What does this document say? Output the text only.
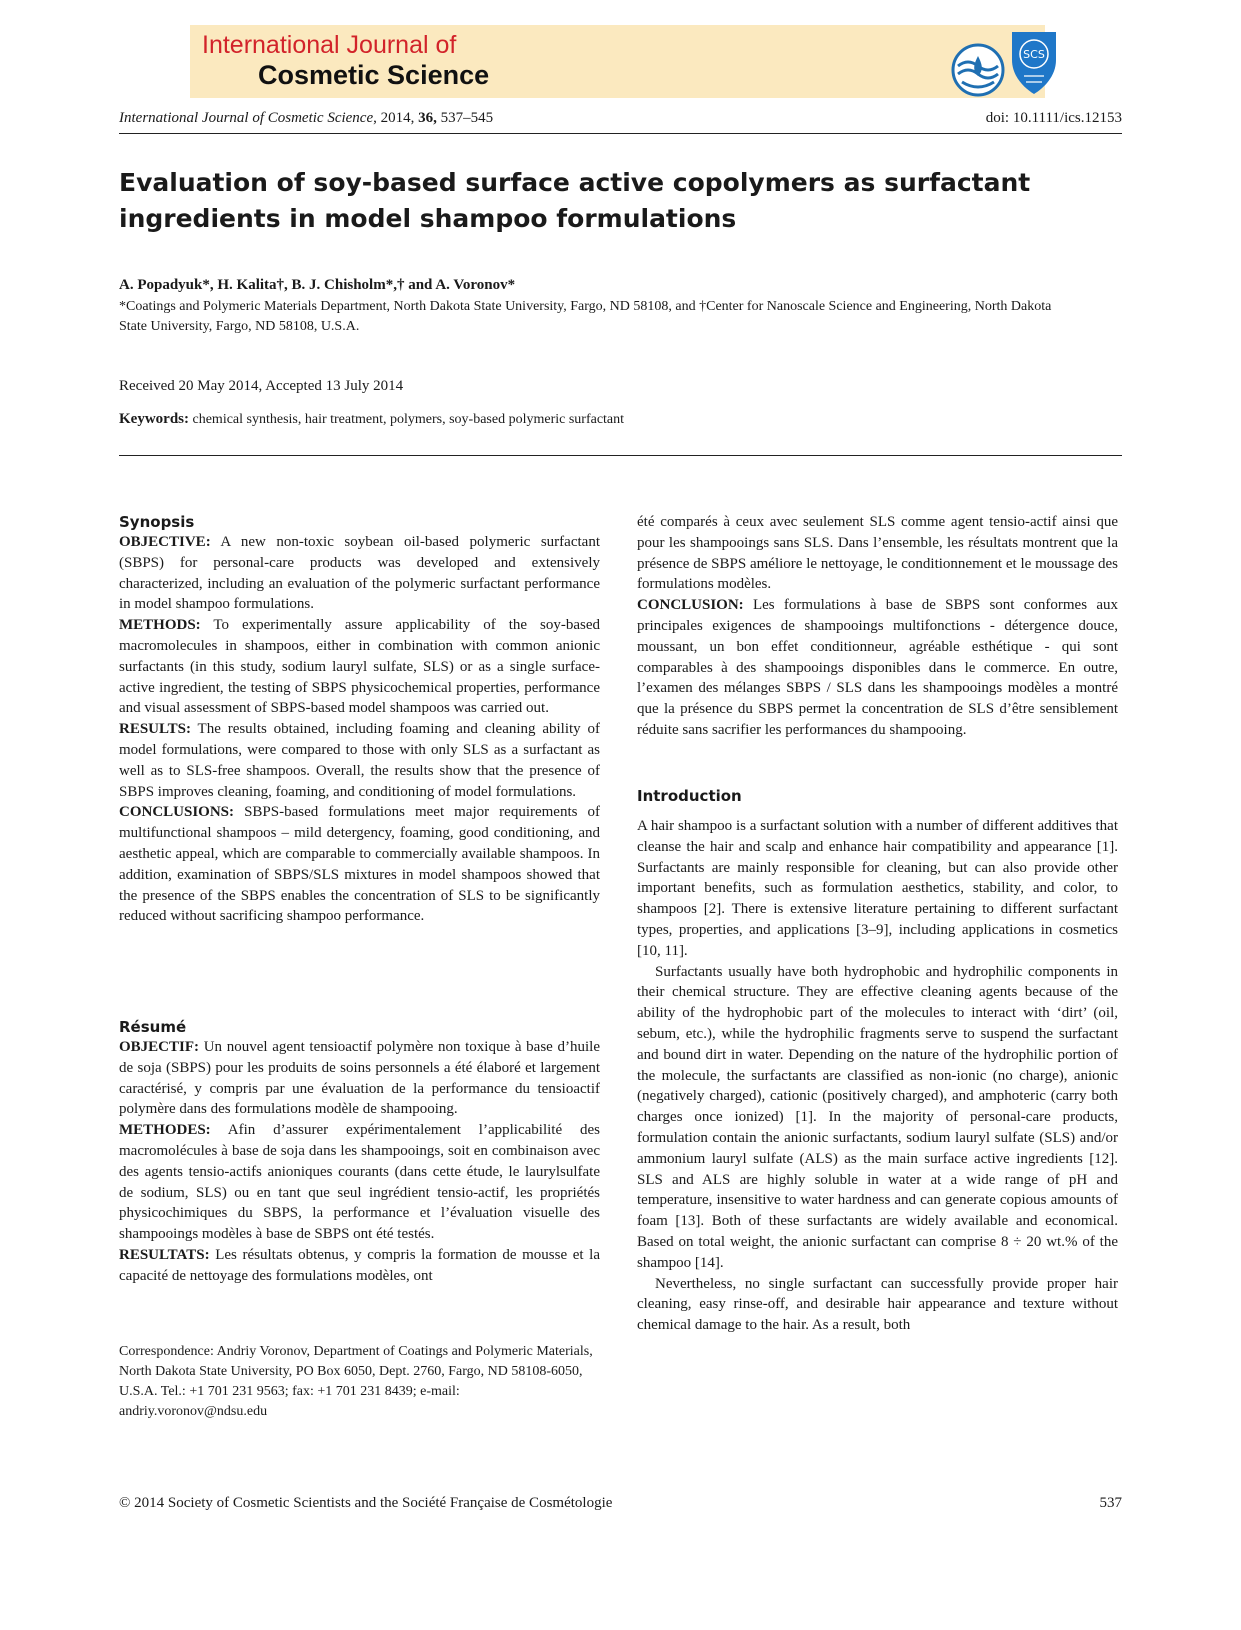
International Journal of
Cosmetic Science
SCS
International Journal of Cosmetic Science, 2014, 36, 537–545	doi: 10.1111/ics.12153
Evaluation of soy-based surface active copolymers as surfactant ingredients in model shampoo formulations

A. Popadyuk*, H. Kalita†, B. J. Chisholm*,† and A. Voronov*

*Coatings and Polymeric Materials Department, North Dakota State University, Fargo, ND 58108, and †Center for Nanoscale Science and Engineering, North Dakota State University, Fargo, ND 58108, U.S.A.

Received 20 May 2014, Accepted 13 July 2014
Keywords: chemical synthesis, hair treatment, polymers, soy-based polymeric surfactant
Synopsis

OBJECTIVE: A new non-toxic soybean oil-based polymeric surfactant (SBPS) for personal-care products was developed and extensively characterized, including an evaluation of the polymeric surfactant performance in model shampoo formulations.

METHODS: To experimentally assure applicability of the soy-based macromolecules in shampoos, either in combination with common anionic surfactants (in this study, sodium lauryl sulfate, SLS) or as a single surface-active ingredient, the testing of SBPS physicochemical properties, performance and visual assessment of SBPS-based model shampoos was carried out.

RESULTS: The results obtained, including foaming and cleaning ability of model formulations, were compared to those with only SLS as a surfactant as well as to SLS-free shampoos. Overall, the results show that the presence of SBPS improves cleaning, foaming, and conditioning of model formulations.

CONCLUSIONS: SBPS-based formulations meet major requirements of multifunctional shampoos – mild detergency, foaming, good conditioning, and aesthetic appeal, which are comparable to commercially available shampoos. In addition, examination of SBPS/SLS mixtures in model shampoos showed that the presence of the SBPS enables the concentration of SLS to be significantly reduced without sacrificing shampoo performance.

Résumé

OBJECTIF: Un nouvel agent tensioactif polymère non toxique à base d’huile de soja (SBPS) pour les produits de soins personnels a été élaboré et largement caractérisé, y compris par une évaluation de la performance du tensioactif polymère dans des formulations modèle de shampooing.

METHODES: Afin d’assurer expérimentalement l’applicabilité des macromolécules à base de soja dans les shampooings, soit en combinaison avec des agents tensio-actifs anioniques courants (dans cette étude, le laurylsulfate de sodium, SLS) ou en tant que seul ingrédient tensio-actif, les propriétés physicochimiques du SBPS, la performance et l’évaluation visuelle des shampooings modèles à base de SBPS ont été testés.

RESULTATS: Les résultats obtenus, y compris la formation de mousse et la capacité de nettoyage des formulations modèles, ont

Correspondence: Andriy Voronov, Department of Coatings and Polymeric Materials, North Dakota State University, PO Box 6050, Dept. 2760, Fargo, ND 58108-6050, U.S.A. Tel.: +1 701 231 9563; fax: +1 701 231 8439; e-mail: andriy.voronov@ndsu.edu

été comparés à ceux avec seulement SLS comme agent tensio-actif ainsi que pour les shampooings sans SLS. Dans l’ensemble, les résultats montrent que la présence de SBPS améliore le nettoyage, le conditionnement et le moussage des formulations modèles.

CONCLUSION: Les formulations à base de SBPS sont conformes aux principales exigences de shampooings multifonctions - détergence douce, moussant, un bon effet conditionneur, agréable esthétique - qui sont comparables à des shampooings disponibles dans le commerce. En outre, l’examen des mélanges SBPS / SLS dans les shampooings modèles a montré que la présence du SBPS permet la concentration de SLS d’être sensiblement réduite sans sacrifier les performances du shampooing.

Introduction

A hair shampoo is a surfactant solution with a number of different additives that cleanse the hair and scalp and enhance hair compatibility and appearance [1]. Surfactants are mainly responsible for cleaning, but can also provide other important benefits, such as formulation aesthetics, stability, and color, to shampoos [2]. There is extensive literature pertaining to different surfactant types, properties, and applications [3–9], including applications in cosmetics [10, 11].

Surfactants usually have both hydrophobic and hydrophilic components in their chemical structure. They are effective cleaning agents because of the ability of the hydrophobic part of the molecules to interact with ‘dirt’ (oil, sebum, etc.), while the hydrophilic fragments serve to suspend the surfactant and bound dirt in water. Depending on the nature of the hydrophilic portion of the molecule, the surfactants are classified as non-ionic (no charge), anionic (negatively charged), cationic (positively charged), and amphoteric (carry both charges once ionized) [1]. In the majority of personal-care products, formulation contain the anionic surfactants, sodium lauryl sulfate (SLS) and/or ammonium lauryl sulfate (ALS) as the main surface active ingredients [12]. SLS and ALS are highly soluble in water at a wide range of pH and temperature, insensitive to water hardness and can generate copious amounts of foam [13]. Both of these surfactants are widely available and economical. Based on total weight, the anionic surfactant can comprise 8 ÷ 20 wt.% of the shampoo [14].

Nevertheless, no single surfactant can successfully provide proper hair cleaning, easy rinse-off, and desirable hair appearance and texture without chemical damage to the hair. As a result, both

© 2014 Society of Cosmetic Scientists and the Société Française de Cosmétologie	537
